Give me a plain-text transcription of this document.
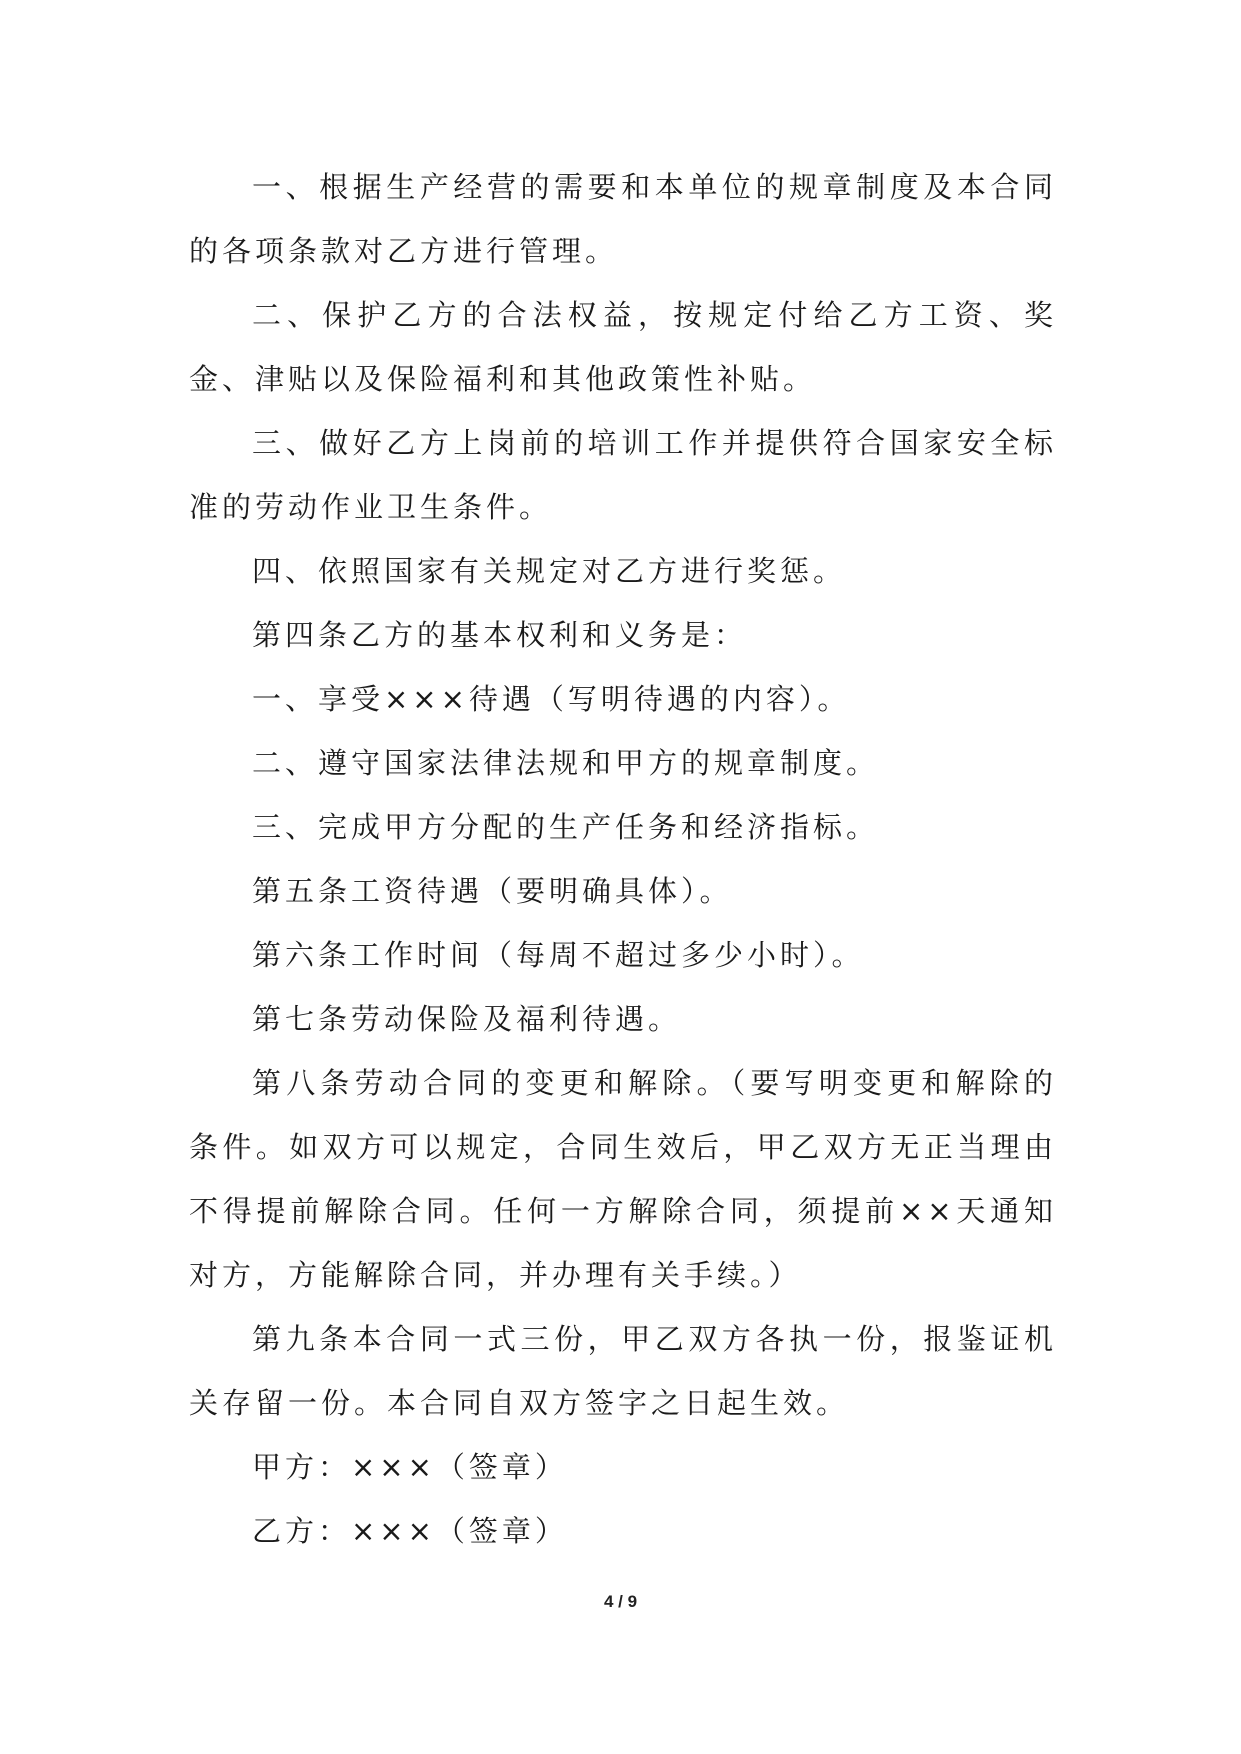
一、根据生产经营的需要和本单位的规章制度及本合同的各项条款对乙方进行管理。

二、保护乙方的合法权益，按规定付给乙方工资、奖金、津贴以及保险福利和其他政策性补贴。

三、做好乙方上岗前的培训工作并提供符合国家安全标准的劳动作业卫生条件。

四、依照国家有关规定对乙方进行奖惩。

第四条乙方的基本权利和义务是：

一、享受×××待遇（写明待遇的内容）。

二、遵守国家法律法规和甲方的规章制度。

三、完成甲方分配的生产任务和经济指标。

第五条工资待遇（要明确具体）。

第六条工作时间（每周不超过多少小时）。

第七条劳动保险及福利待遇。

第八条劳动合同的变更和解除。（要写明变更和解除的条件。如双方可以规定，合同生效后，甲乙双方无正当理由不得提前解除合同。任何一方解除合同，须提前××天通知对方，方能解除合同，并办理有关手续。）

第九条本合同一式三份，甲乙双方各执一份，报鉴证机关存留一份。本合同自双方签字之日起生效。

甲方：×××（签章）

乙方：×××（签章）

4 / 9
